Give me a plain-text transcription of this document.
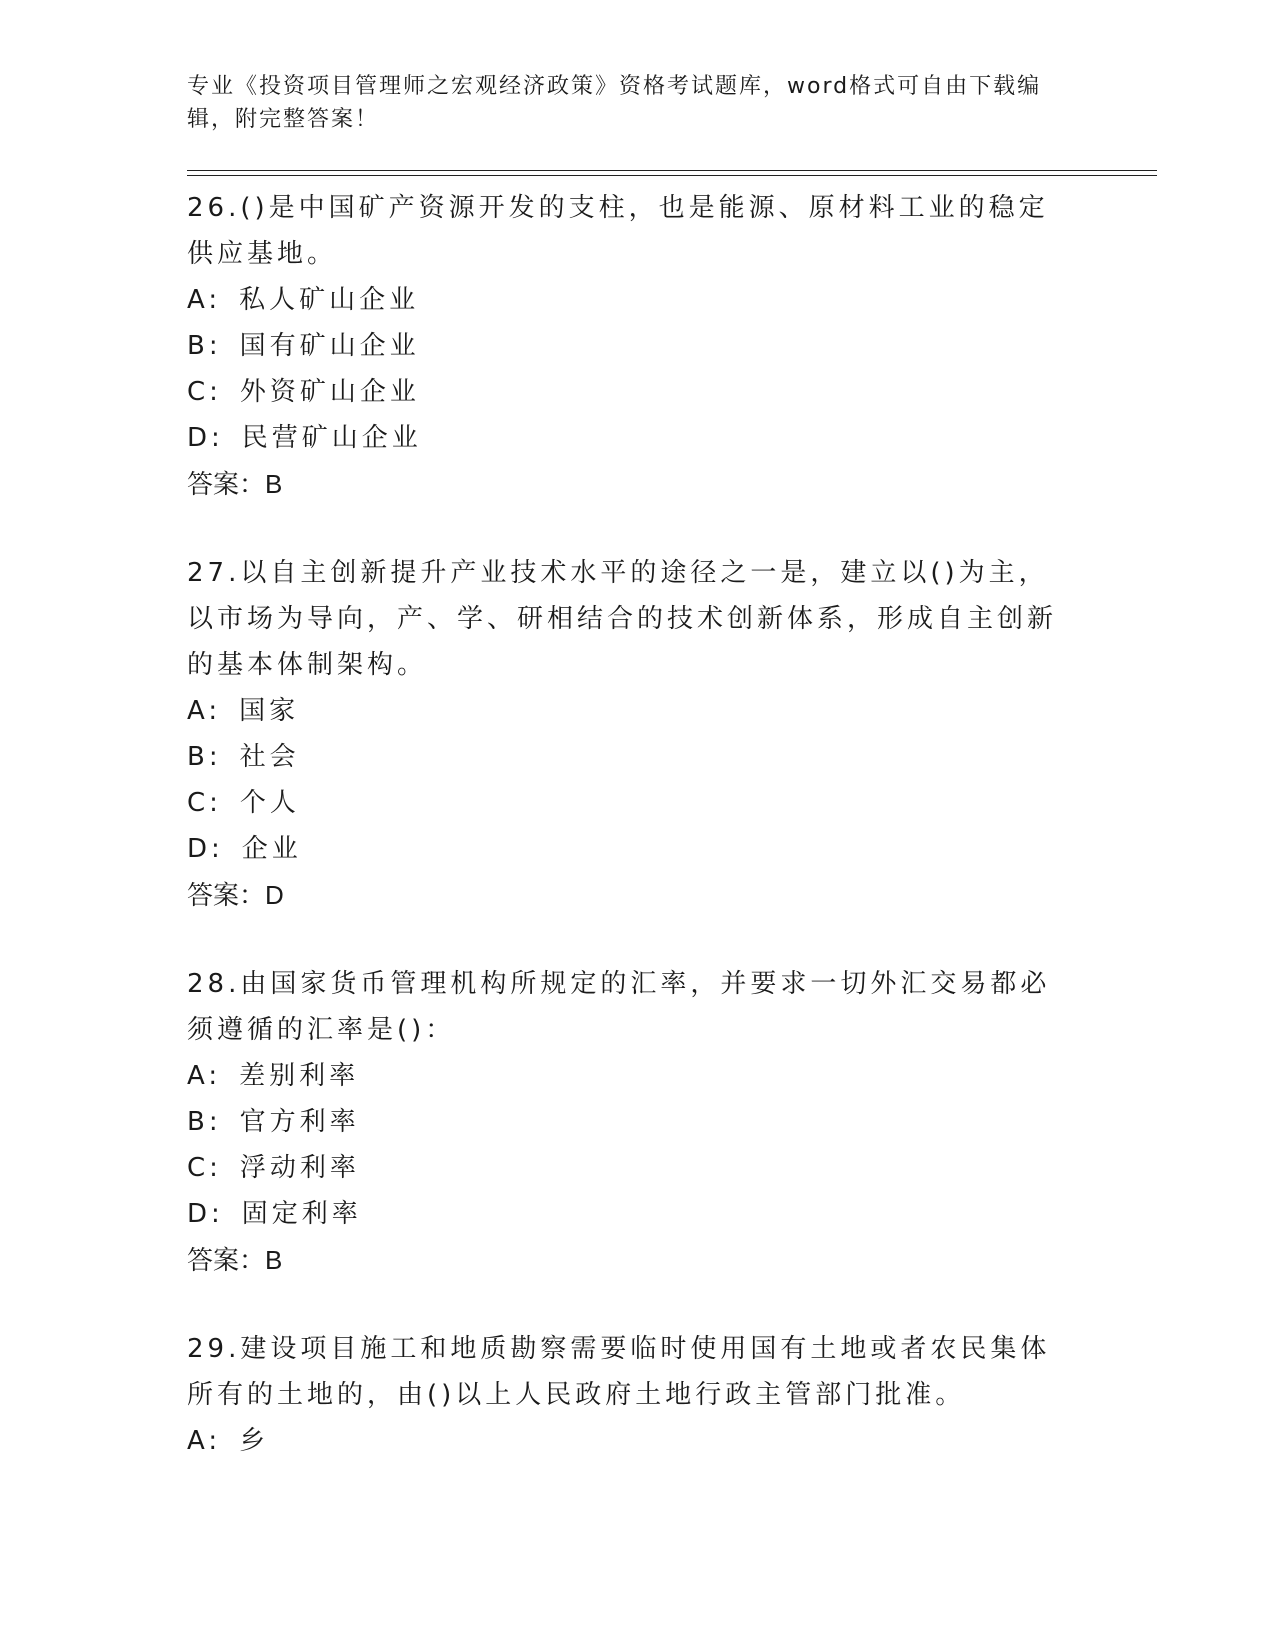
专业《投资项目管理师之宏观经济政策》资格考试题库，word格式可自由下载编辑，附完整答案！

26.()是中国矿产资源开发的支柱，也是能源、原材料工业的稳定供应基地。

A: 私人矿山企业

B: 国有矿山企业

C: 外资矿山企业

D: 民营矿山企业

答案：B

27.以自主创新提升产业技术水平的途径之一是，建立以()为主，以市场为导向，产、学、研相结合的技术创新体系，形成自主创新的基本体制架构。

A: 国家

B: 社会

C: 个人

D: 企业

答案：D

28.由国家货币管理机构所规定的汇率，并要求一切外汇交易都必须遵循的汇率是()：

A: 差别利率

B: 官方利率

C: 浮动利率

D: 固定利率

答案：B

29.建设项目施工和地质勘察需要临时使用国有土地或者农民集体所有的土地的，由()以上人民政府土地行政主管部门批准。

A: 乡
